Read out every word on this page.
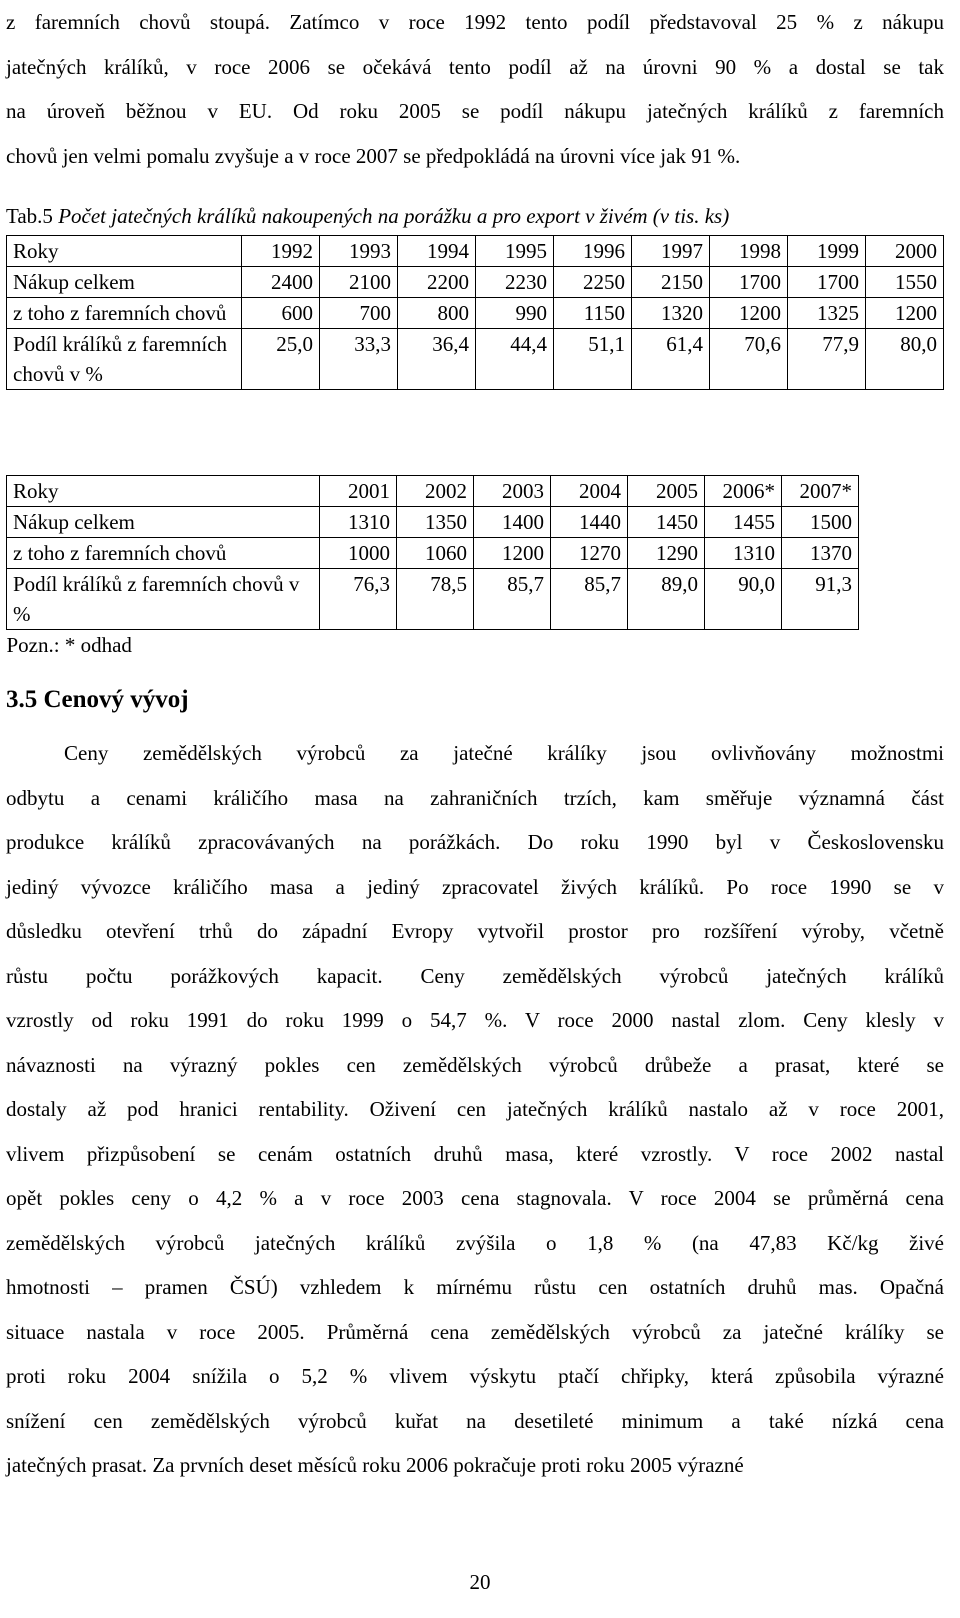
z faremních chovů stoupá. Zatímco v roce 1992 tento podíl představoval 25 % z nákupu
jatečných králíků, v roce 2006 se očekává tento podíl až na úrovni 90 % a dostal se tak
na úroveň běžnou v EU. Od roku 2005 se podíl nákupu jatečných králíků z faremních
chovů jen velmi pomalu zvyšuje a v roce 2007 se předpokládá na úrovni více jak 91 %.
Tab.5 Počet jatečných králíků nakoupených na porážku a pro export v živém (v tis. ks)
Roky	1992	1993	1994	1995	1996	1997	1998	1999	2000
Nákup celkem	2400	2100	2200	2230	2250	2150	1700	1700	1550
z toho z faremních chovů	600	700	800	990	1150	1320	1200	1325	1200
Podíl králíků z faremních chovů v %	25,0	33,3	36,4	44,4	51,1	61,4	70,6	77,9	80,0
Roky	2001	2002	2003	2004	2005	2006*	2007*
Nákup celkem	1310	1350	1400	1440	1450	1455	1500
z toho z faremních chovů	1000	1060	1200	1270	1290	1310	1370
Podíl králíků z faremních chovů v %	76,3	78,5	85,7	85,7	89,0	90,0	91,3
Pozn.: * odhad							
3.5 Cenový vývoj
Ceny zemědělských výrobců za jatečné králíky jsou ovlivňovány možnostmi
odbytu a cenami králičího masa na zahraničních trzích, kam směřuje významná část
produkce králíků zpracovávaných na porážkách. Do roku 1990 byl v Československu
jediný vývozce králičího masa a jediný zpracovatel živých králíků. Po roce 1990 se v
důsledku otevření trhů do západní Evropy vytvořil prostor pro rozšíření výroby, včetně
růstu počtu porážkových kapacit. Ceny zemědělských výrobců jatečných králíků
vzrostly od roku 1991 do roku 1999 o 54,7 %. V roce 2000 nastal zlom. Ceny klesly v
návaznosti na výrazný pokles cen zemědělských výrobců drůbeže a prasat, které se
dostaly až pod hranici rentability. Oživení cen jatečných králíků nastalo až v roce 2001,
vlivem přizpůsobení se cenám ostatních druhů masa, které vzrostly. V roce 2002 nastal
opět pokles ceny o 4,2 % a v roce 2003 cena stagnovala. V roce 2004 se průměrná cena
zemědělských výrobců jatečných králíků zvýšila o 1,8 % (na 47,83 Kč/kg živé
hmotnosti – pramen ČSÚ) vzhledem k mírnému růstu cen ostatních druhů mas. Opačná
situace nastala v roce 2005. Průměrná cena zemědělských výrobců za jatečné králíky se
proti roku 2004 snížila o 5,2 % vlivem výskytu ptačí chřipky, která způsobila výrazné
snížení cen zemědělských výrobců kuřat na desetileté minimum a také nízká cena
jatečných prasat. Za prvních deset měsíců roku 2006 pokračuje proti roku 2005 výrazné
20
